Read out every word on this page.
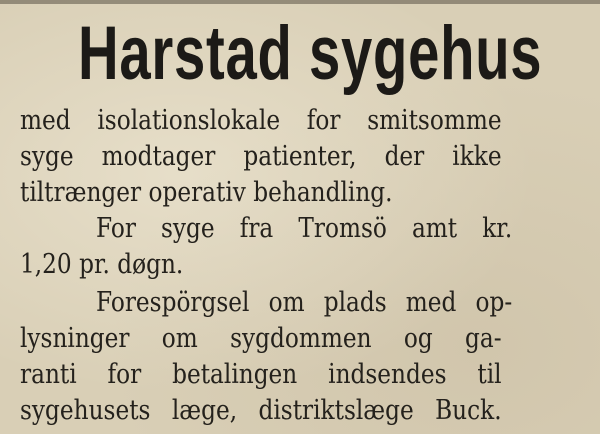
Harstad sygehus
med isolationslokale for smitsomme
syge modtager patienter, der ikke
tiltrænger operativ behandling.
For syge fra Tromsö amt kr.
1,20 pr. døgn.
Forespörgsel om plads med op-
lysninger om sygdommen og ga-
ranti for betalingen indsendes til
sygehusets læge, distriktslæge Buck.
